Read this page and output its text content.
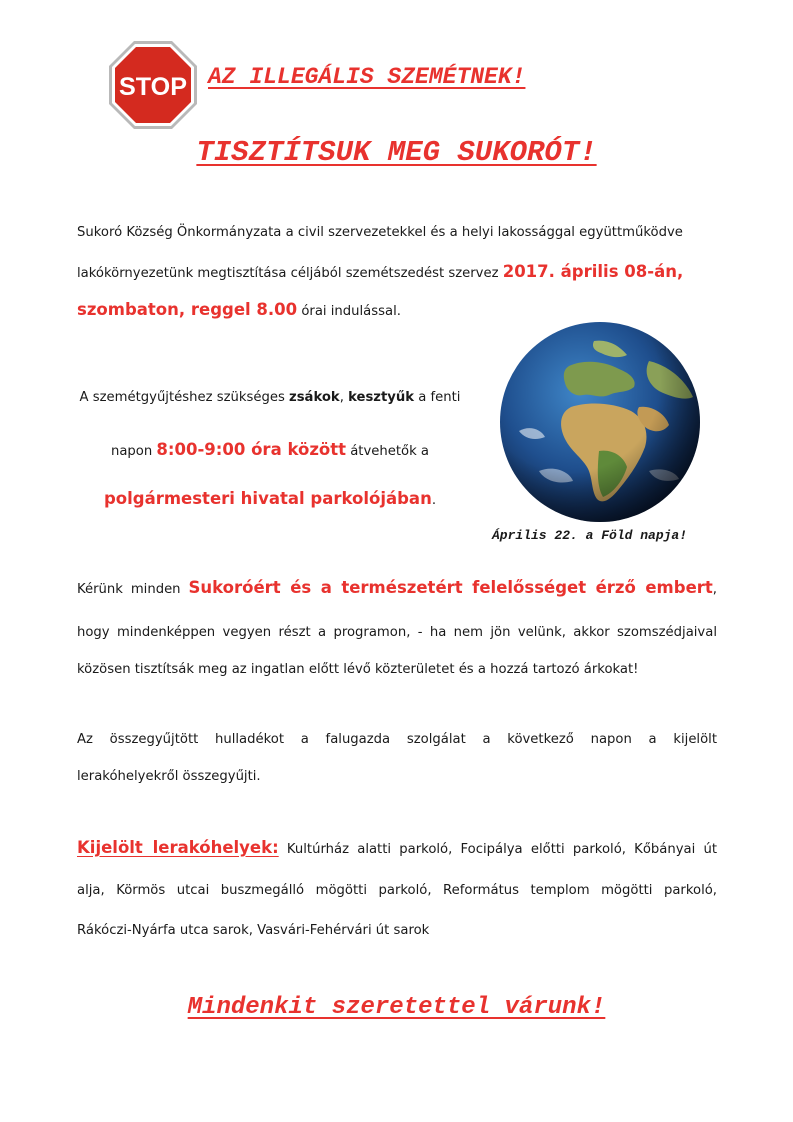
STOP AZ ILLEGÁLIS SZEMÉTNEK!
TISZTÍTSUK MEG SUKORÓT!
Sukoró Község Önkormányzata a civil szervezetekkel és a helyi lakossággal együttműködve
lakókörnyezetünk megtisztítása céljából szemétszedést szervez 2017. április 08-án,
szombaton, reggel 8.00 órai indulással.
A szemétgyűjtéshez szükséges zsákok, kesztyűk a fenti
napon 8:00-9:00 óra között átvehetők a
polgármesteri hivatal parkolójában.
Április 22. a Föld napja!
Kérünk minden Sukoróért és a természetért felelősséget érző embert,
hogy mindenképpen vegyen részt a programon, - ha nem jön velünk, akkor szomszédjaival
közösen tisztítsák meg az ingatlan előtt lévő közterületet és a hozzá tartozó árkokat!
Az összegyűjtött hulladékot a falugazda szolgálat a következő napon a kijelölt
lerakóhelyekről összegyűjti.
Kijelölt lerakóhelyek: Kultúrház alatti parkoló, Focipálya előtti parkoló, Kőbányai út
alja, Körmös utcai buszmegálló mögötti parkoló, Református templom mögötti parkoló,
Rákóczi-Nyárfa utca sarok, Vasvári-Fehérvári út sarok
Mindenkit szeretettel várunk!
